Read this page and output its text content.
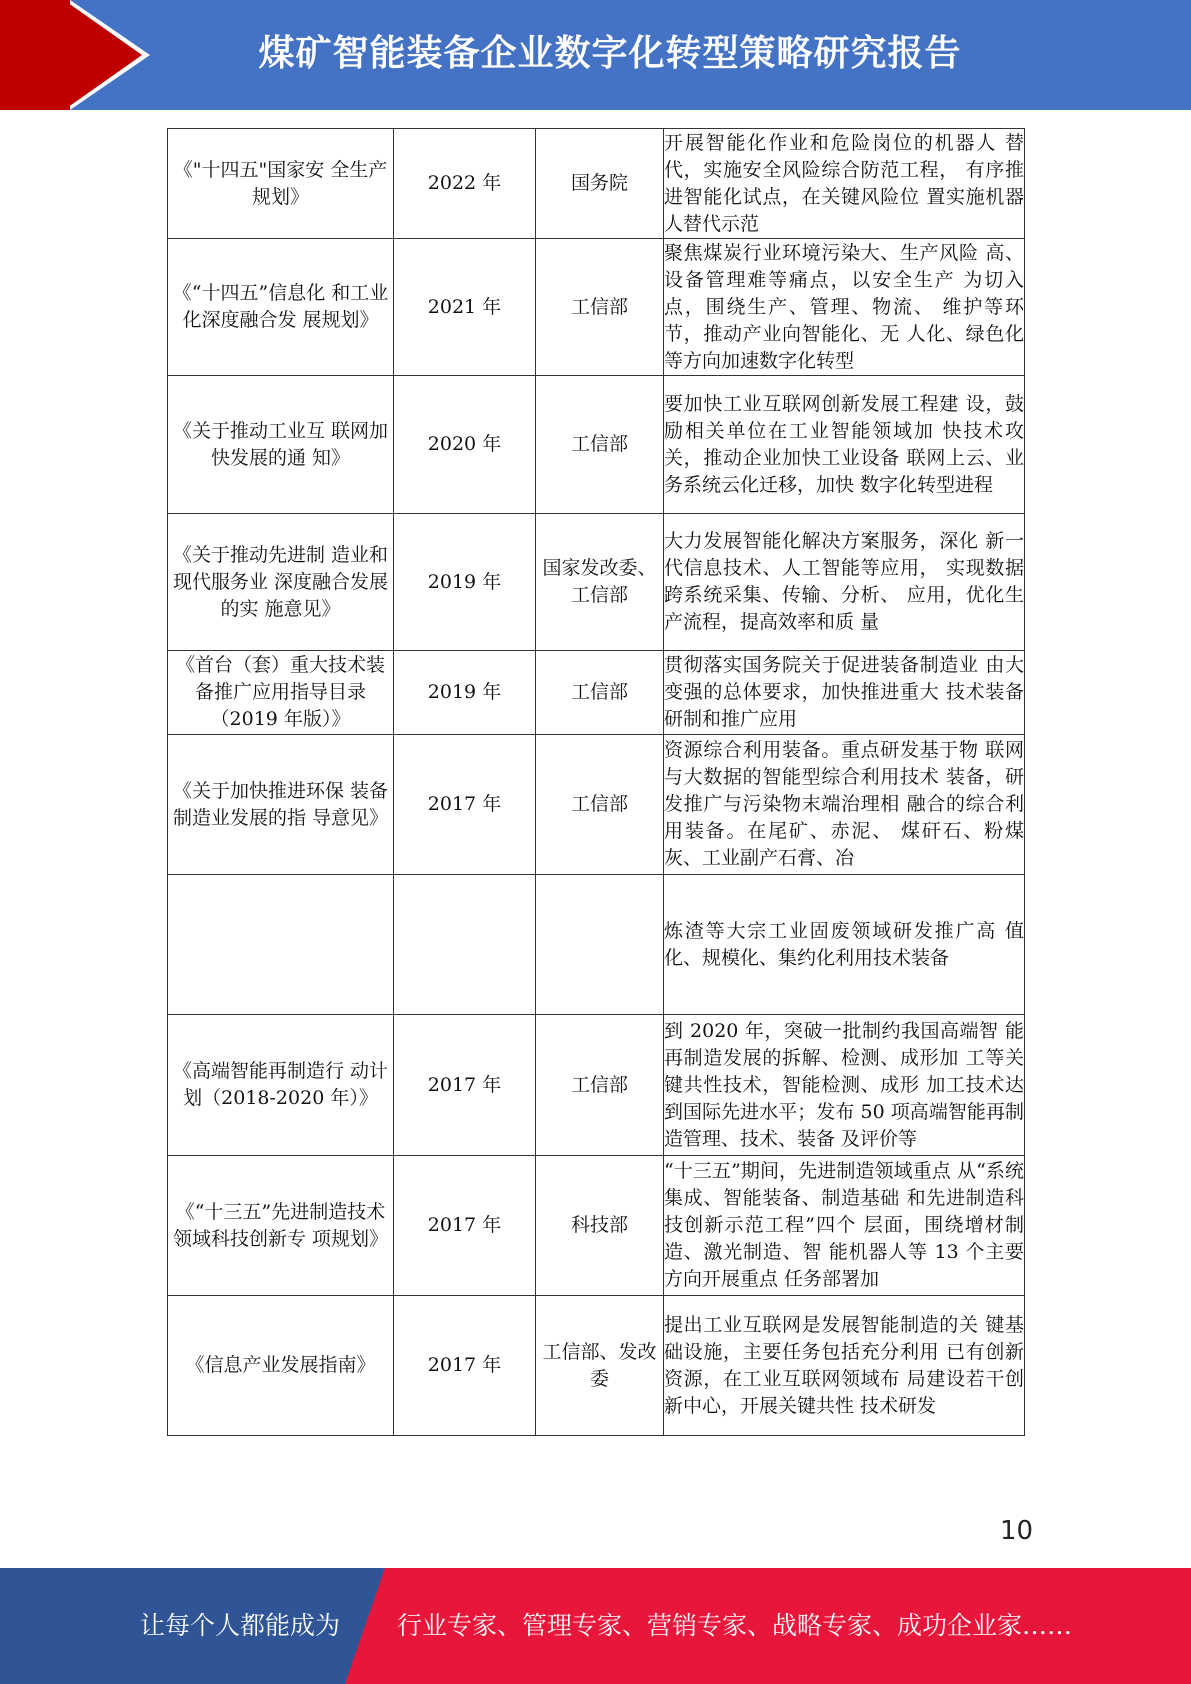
煤矿智能装备企业数字化转型策略研究报告
《"十四五"国家安 全生产规划》	2022 年	国务院	开展智能化作业和危险岗位的机器人 替代，实施安全风险综合防范工程， 有序推进智能化试点，在关键风险位 置实施机器人替代示范
《“十四五”信息化 和工业化深度融合发 展规划》	2021 年	工信部	聚焦煤炭行业环境污染大、生产风险 高、设备管理难等痛点，以安全生产 为切入点，围绕生产、管理、物流、 维护等环节，推动产业向智能化、无 人化、绿色化等方向加速数字化转型
《关于推动工业互 联网加快发展的通 知》	2020 年	工信部	要加快工业互联网创新发展工程建 设，鼓励相关单位在工业智能领域加 快技术攻关，推动企业加快工业设备 联网上云、业务系统云化迁移，加快 数字化转型进程
《关于推动先进制 造业和现代服务业 深度融合发展的实 施意见》	2019 年	国家发改委、工信部	大力发展智能化解决方案服务，深化 新一代信息技术、人工智能等应用， 实现数据跨系统采集、传输、分析、 应用，优化生产流程，提高效率和质 量
《首台（套）重大技术装备推广应用指导目录（2019 年版）》	2019 年	工信部	贯彻落实国务院关于促进装备制造业 由大变强的总体要求，加快推进重大 技术装备研制和推广应用
《关于加快推进环保 装备制造业发展的指 导意见》	2017 年	工信部	资源综合利用装备。重点研发基于物 联网与大数据的智能型综合利用技术 装备，研发推广与污染物末端治理相 融合的综合利用装备。在尾矿、赤泥、 煤矸石、粉煤灰、工业副产石膏、冶
			炼渣等大宗工业固废领域研发推广高 值化、规模化、集约化利用技术装备
《高端智能再制造行 动计划（2018-2020 年）》	2017 年	工信部	到 2020 年，突破一批制约我国高端智 能再制造发展的拆解、检测、成形加 工等关键共性技术，智能检测、成形 加工技术达到国际先进水平；发布 50 项高端智能再制造管理、技术、装备 及评价等
《“十三五”先进制造技术领域科技创新专 项规划》	2017 年	科技部	“十三五”期间，先进制造领域重点 从“系统集成、智能装备、制造基础 和先进制造科技创新示范工程”四个 层面，围绕增材制造、激光制造、智 能机器人等 13 个主要方向开展重点 任务部署加
《信息产业发展指南》	2017 年	工信部、发改委	提出工业互联网是发展智能制造的关 键基础设施，主要任务包括充分利用 已有创新资源，在工业互联网领域布 局建设若干创新中心，开展关键共性 技术研发
10
让每个人都能成为 行业专家、管理专家、营销专家、战略专家、成功企业家……
